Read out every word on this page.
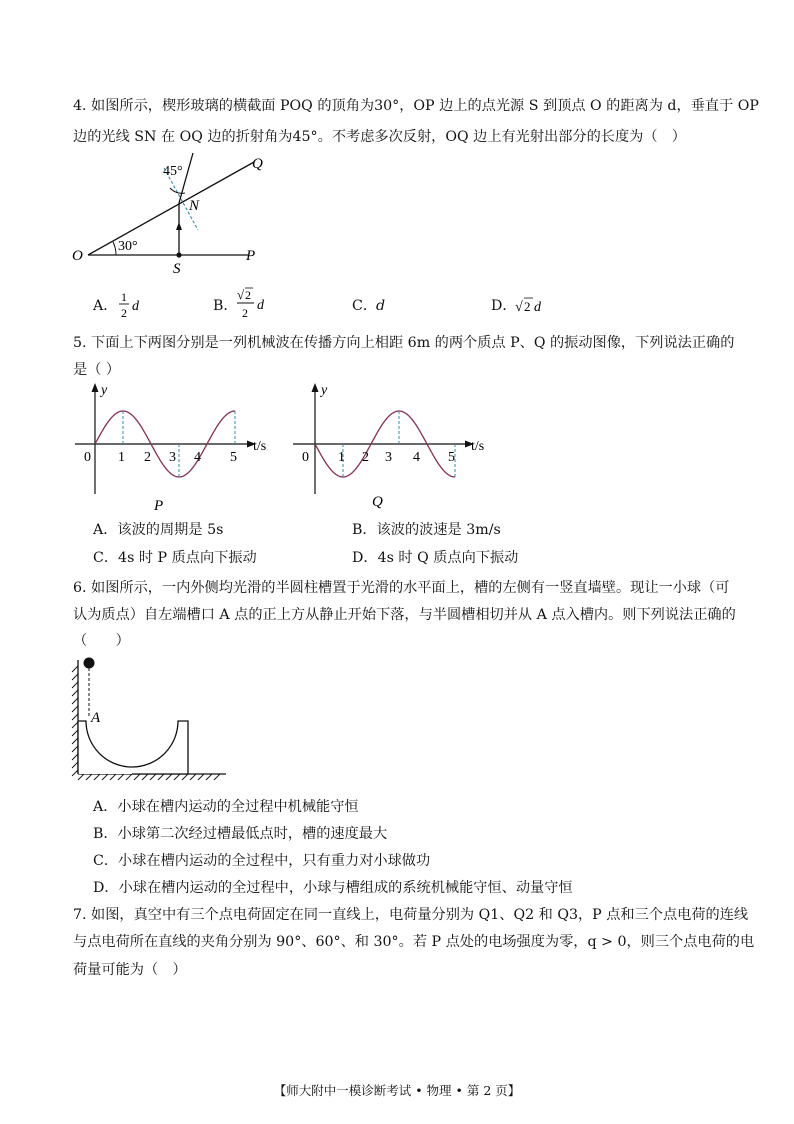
4. 如图所示，楔形玻璃的横截面 POQ 的顶角为30°，OP 边上的点光源 S 到顶点 O 的距离为 d，垂直于 OP
边的光线 SN 在 OQ 边的折射角为45°。不考虑多次反射，OQ 边上有光射出部分的长度为（　）
45°	Q
N
30°
O
S
P
A．
1
2 d	B．
√ 2
2 d	C．
d	D．
√ 2 d
5. 下面上下两图分别是一列机械波在传播方向上相距 6m 的两个质点 P、Q 的振动图像，下列说法正确的
是（ ）
y
t/s
0 1 2 3 4 5
P
y
t/s
0 1 2 3 4 5
Q
A．该波的周期是 5s	B．该波的波速是 3m/s
C．4s 时 P 质点向下振动	D．4s 时 Q 质点向下振动
6. 如图所示，一内外侧均光滑的半圆柱槽置于光滑的水平面上，槽的左侧有一竖直墙壁。现让一小球（可
认为质点）自左端槽口 A 点的正上方从静止开始下落，与半圆槽相切并从 A 点入槽内。则下列说法正确的
（　　）
A
A．小球在槽内运动的全过程中机械能守恒
B．小球第二次经过槽最低点时，槽的速度最大
C．小球在槽内运动的全过程中，只有重力对小球做功
D．小球在槽内运动的全过程中，小球与槽组成的系统机械能守恒、动量守恒
7. 如图，真空中有三个点电荷固定在同一直线上，电荷量分别为 Q1、Q2 和 Q3，P 点和三个点电荷的连线
与点电荷所在直线的夹角分别为 90°、60°、和 30°。若 P 点处的电场强度为零，q > 0，则三个点电荷的电
荷量可能为（　）
【师大附中一模诊断考试 • 物理 • 第 2 页】
